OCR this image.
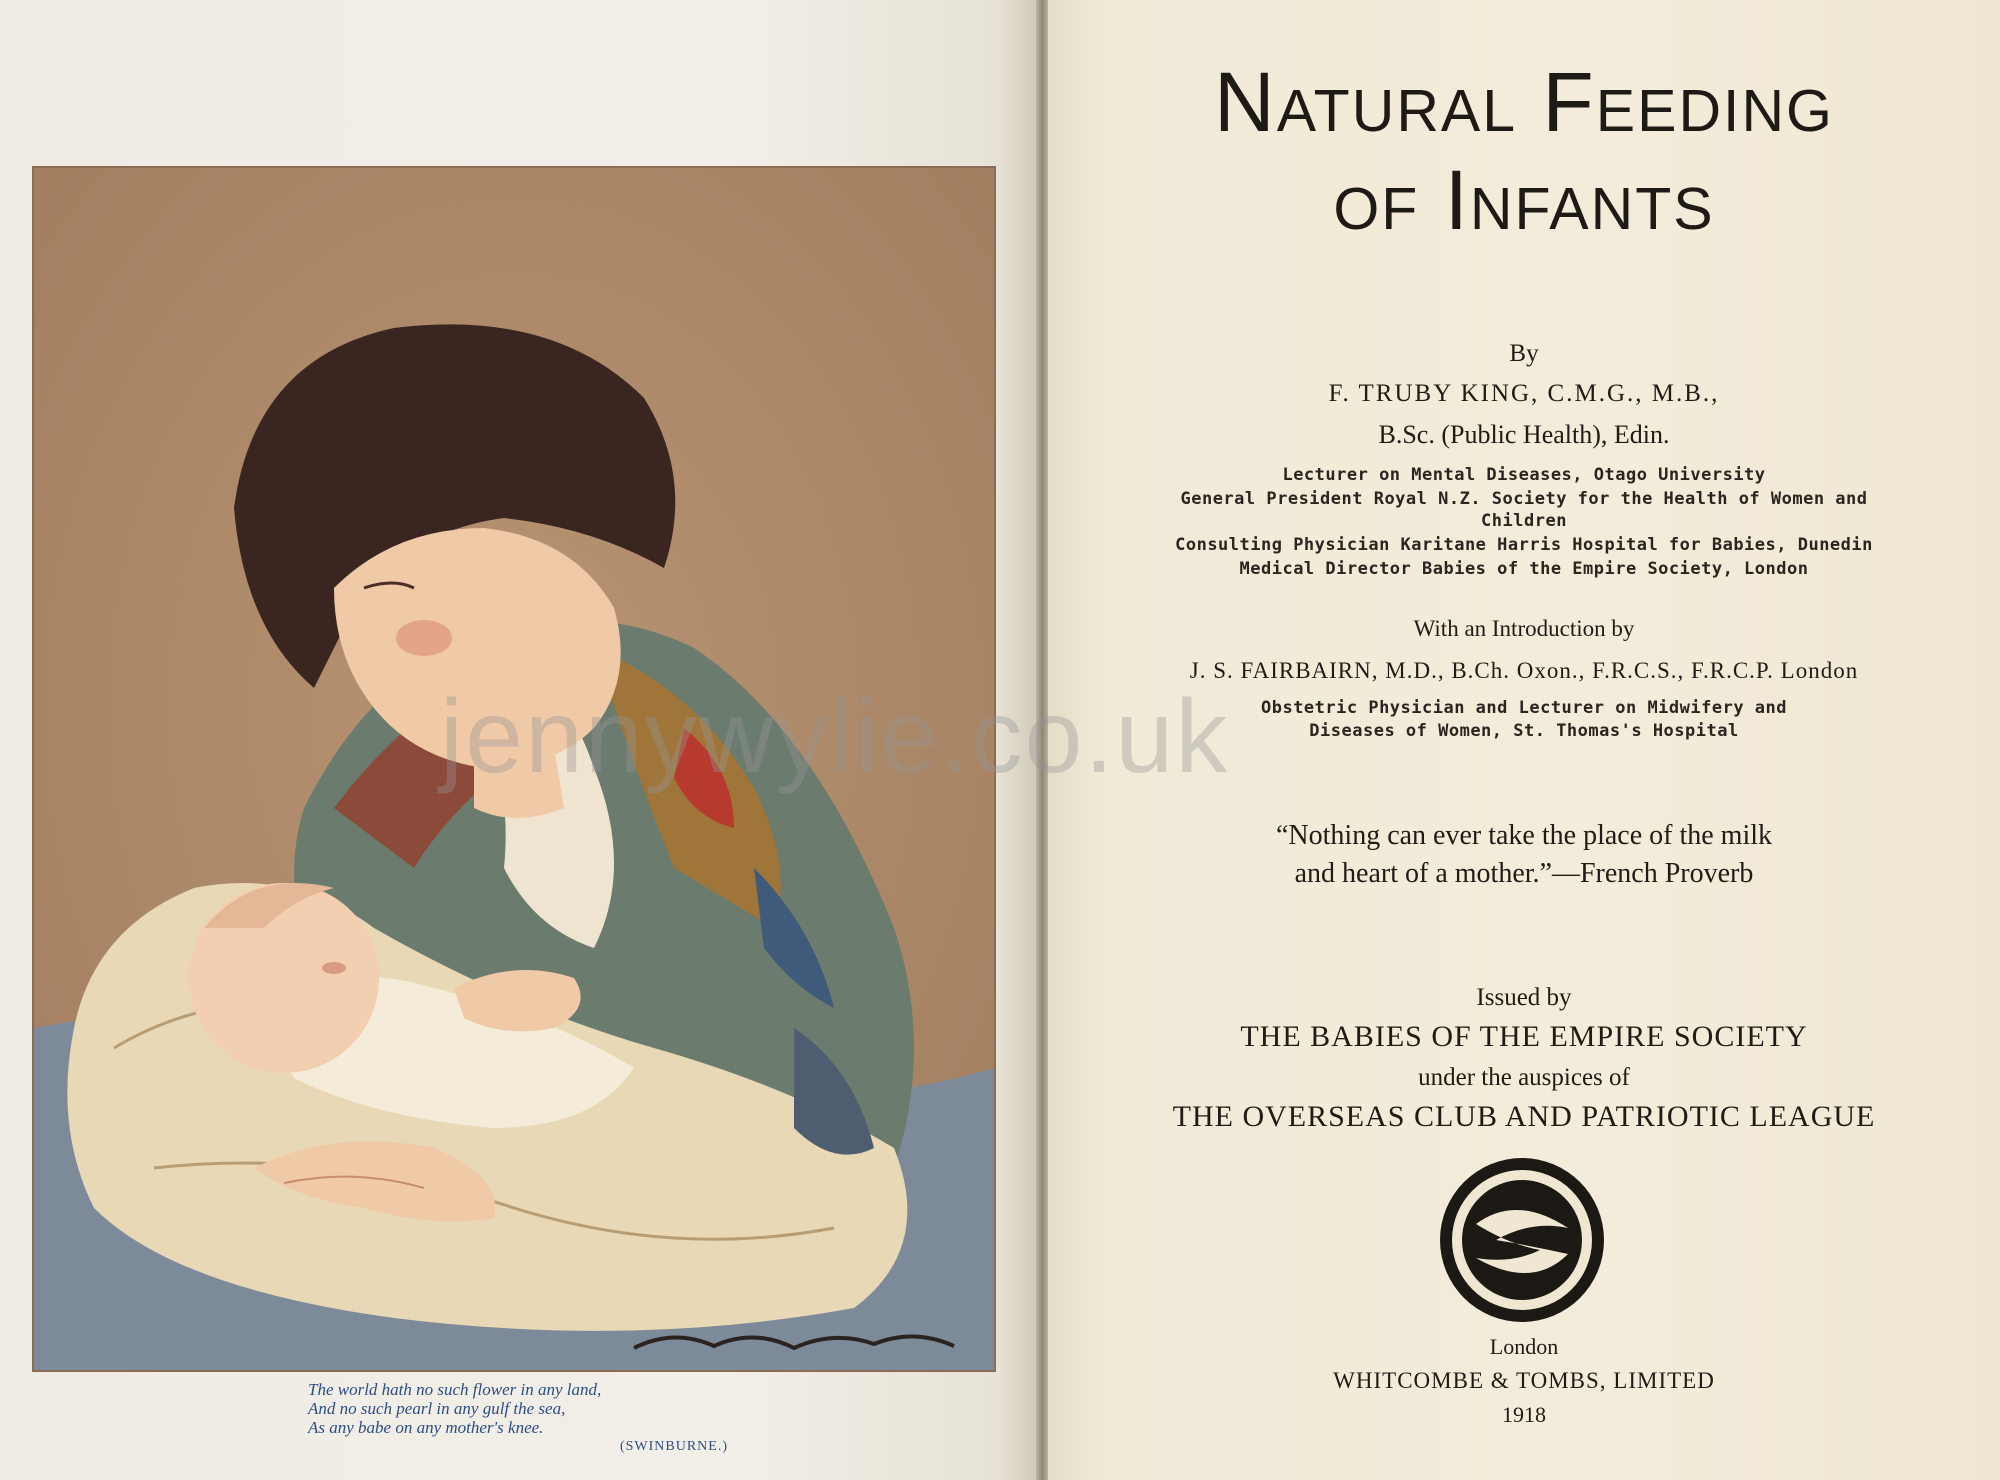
The world hath no such flower in any land,
And no such pearl in any gulf the sea,
As any babe on any mother's knee.
(SWINBURNE.)
Natural Feeding
of Infants
By
F. TRUBY KING, C.M.G., M.B.,
B.Sc. (Public Health), Edin.
Lecturer on Mental Diseases, Otago University
General President Royal N.Z. Society for the Health of Women and
Children
Consulting Physician Karitane Harris Hospital for Babies, Dunedin
Medical Director Babies of the Empire Society, London
With an Introduction by
J. S. FAIRBAIRN, M.D., B.Ch. Oxon., F.R.C.S., F.R.C.P. London
Obstetric Physician and Lecturer on Midwifery and
Diseases of Women, St. Thomas's Hospital
“Nothing can ever take the place of the milk
and heart of a mother.”—French Proverb
Issued by
THE BABIES OF THE EMPIRE SOCIETY
under the auspices of
THE OVERSEAS CLUB AND PATRIOTIC LEAGUE
London
WHITCOMBE & TOMBS, LIMITED
1918
jennywylie.co.uk
